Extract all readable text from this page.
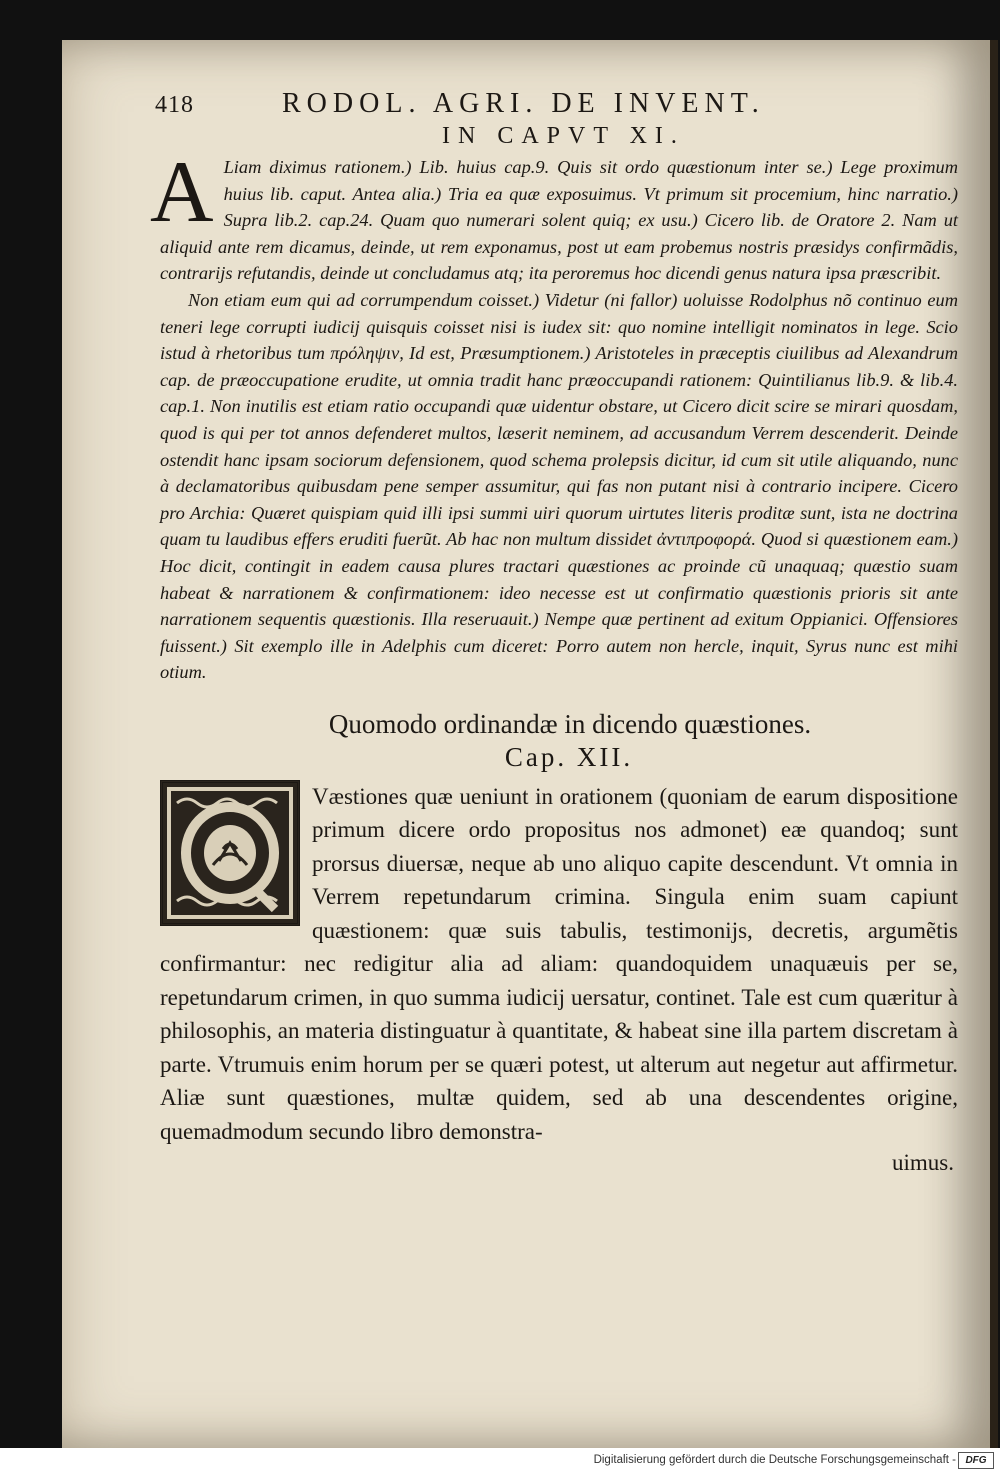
418	RODOL. AGRI. DE INVENT.
IN CAPVT XI.
A Liam diximus rationem.) Lib. huius cap.9. Quis sit ordo quæstionum inter se.) Lege proximum huius lib. caput. Antea alia.) Tria ea quæ exposuimus. Vt primum sit procemium, hinc narratio.) Supra lib.2. cap.24. Quam quo numerari solent quiq; ex usu.) Cicero lib. de Oratore 2. Nam ut aliquid ante rem dicamus, deinde, ut rem exponamus, post ut eam probemus nostris præsidys confirmãdis, contrarijs refutandis, deinde ut concludamus atq; ita peroremus hoc dicendi genus natura ipsa præscribit.

Non etiam eum qui ad corrumpendum coisset.) Videtur (ni fallor) uoluisse Rodolphus nõ continuo eum teneri lege corrupti iudicij quisquis coisset nisi is iudex sit: quo nomine intelligit nominatos in lege. Scio istud à rhetoribus tum πρόληψιν, Id est, Præsumptionem.) Aristoteles in præceptis ciuilibus ad Alexandrum cap. de præoccupatione erudite, ut omnia tradit hanc præoccupandi rationem: Quintilianus lib.9. & lib.4. cap.1. Non inutilis est etiam ratio occupandi quæ uidentur obstare, ut Cicero dicit scire se mirari quosdam, quod is qui per tot annos defenderet multos, læserit neminem, ad accusandum Verrem descenderit. Deinde ostendit hanc ipsam sociorum defensionem, quod schema prolepsis dicitur, id cum sit utile aliquando, nunc à declamatoribus quibusdam pene semper assumitur, qui fas non putant nisi à contrario incipere. Cicero pro Archia: Quæret quispiam quid illi ipsi summi uiri quorum uirtutes literis proditæ sunt, ista ne doctrina quam tu laudibus effers eruditi fuerũt. Ab hac non multum dissidet ἀντιπροφορά. Quod si quæstionem eam.) Hoc dicit, contingit in eadem causa plures tractari quæstiones ac proinde cũ unaquaq; quæstio suam habeat & narrationem & confirmationem: ideo necesse est ut confirmatio quæstionis prioris sit ante narrationem sequentis quæstionis. Illa reseruauit.) Nempe quæ pertinent ad exitum Oppianici. Offensiores fuissent.) Sit exemplo ille in Adelphis cum diceret: Porro autem non hercle, inquit, Syrus nunc est mihi otium.

Quomodo ordinandæ in dicendo quæstiones.
Cap. XII.
Væstiones quæ ueniunt in orationem (quoniam de earum dispositione primum dicere ordo propositus nos admonet) eæ quandoq; sunt prorsus diuersæ, neque ab uno aliquo capite descendunt. Vt omnia in Verrem repetundarum crimina. Singula enim suam capiunt quæstionem: quæ suis tabulis, testimonijs, decretis, argumẽtis confirmantur: nec redigitur alia ad aliam: quandoquidem unaquæuis per se, repetundarum crimen, in quo summa iudicij uersatur, continet. Tale est cum quæritur à philosophis, an materia distinguatur à quantitate, & habeat sine illa partem discretam à parte. Vtrumuis enim horum per se quæri potest, ut alterum aut negetur aut affirmetur. Aliæ sunt quæstiones, multæ quidem, sed ab una descendentes origine, quemadmodum secundo libro demonstra-
uimus.
Digitalisierung gefördert durch die Deutsche Forschungsgemeinschaft - DFG
